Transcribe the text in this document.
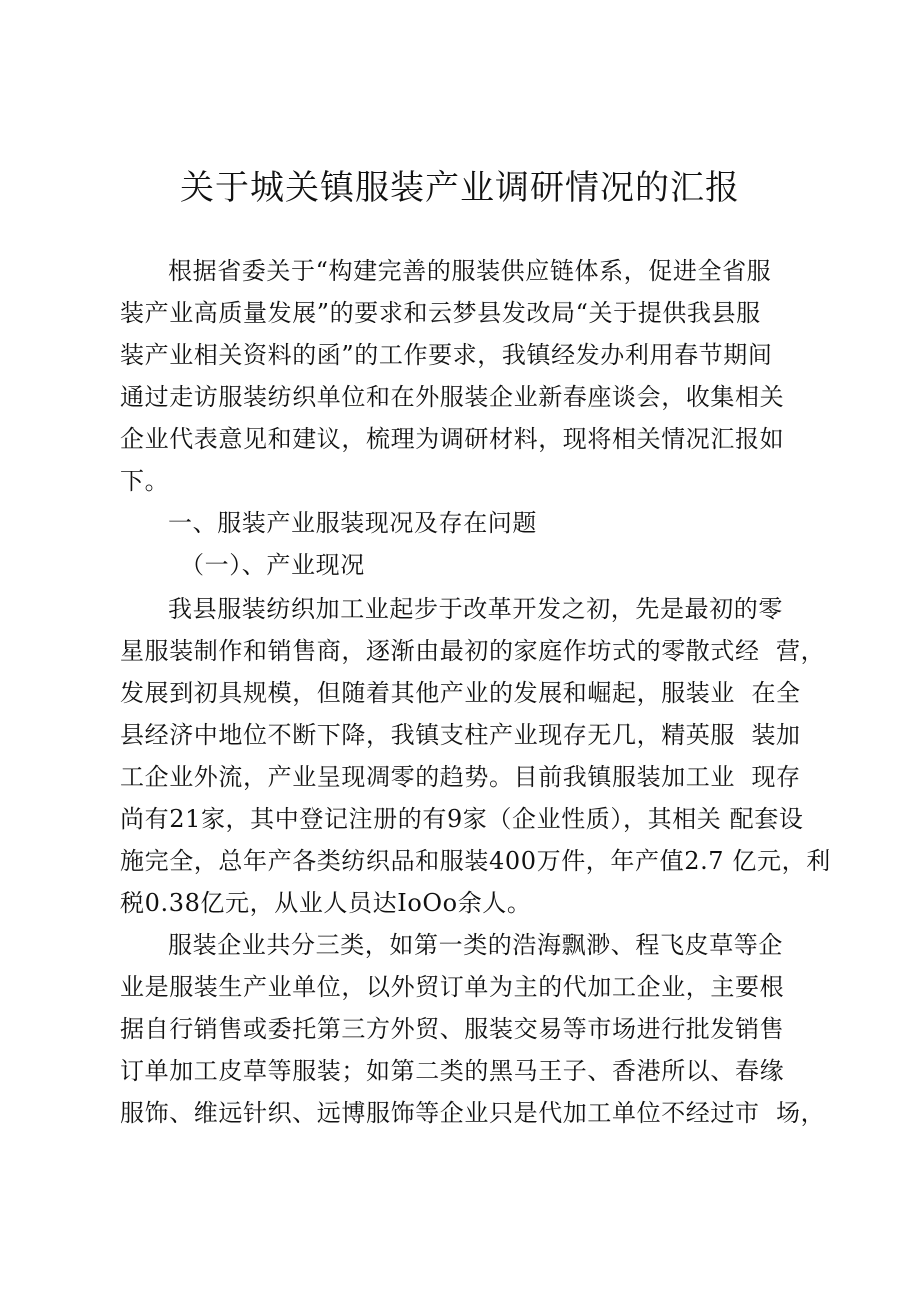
关于城关镇服装产业调研情况的汇报

根据省委关于“构建完善的服装供应链体系，促进全省服

装产业高质量发展”的要求和云梦县发改局“关于提供我县服

装产业相关资料的函”的工作要求，我镇经发办利用春节期间

通过走访服装纺织单位和在外服装企业新春座谈会，收集相关

企业代表意见和建议，梳理为调研材料，现将相关情况汇报如

下。

一、服装产业服装现况及存在问题

（一）、产业现况

我县服装纺织加工业起步于改革开发之初，先是最初的零

星服装制作和销售商，逐渐由最初的家庭作坊式的零散式经  营，

发展到初具规模，但随着其他产业的发展和崛起，服装业  在全

县经济中地位不断下降，我镇支柱产业现存无几，精英服  装加

工企业外流，产业呈现凋零的趋势。目前我镇服装加工业  现存

尚有21家，其中登记注册的有9家（企业性质），其相关 配套设

施完全，总年产各类纺织品和服装400万件，年产值2.7 亿元，利

税0.38亿元，从业人员达IoOo余人。

服装企业共分三类，如第一类的浩海飘渺、程飞皮草等企

业是服装生产业单位，以外贸订单为主的代加工企业，主要根

据自行销售或委托第三方外贸、服装交易等市场进行批发销售

订单加工皮草等服装；如第二类的黑马王子、香港所以、春缘

服饰、维远针织、远博服饰等企业只是代加工单位不经过市  场，
